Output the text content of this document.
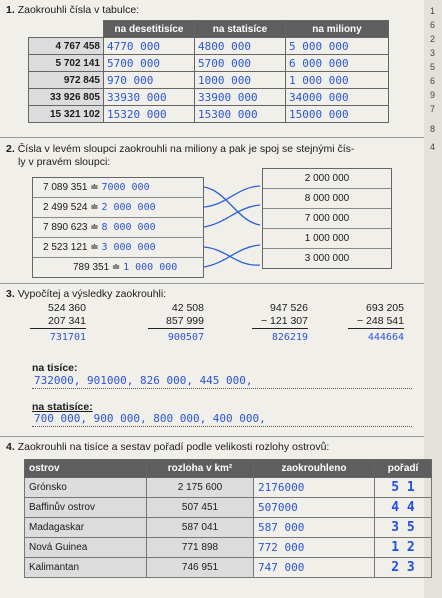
1
6
2
3
5
6
9
7
8
4
1. Zaokrouhli čísla v tabulce:
	na desetitisíce	na statisíce	na miliony
4 767 458	4770 000	4800 000	5 000 000
5 702 141	5700 000	5700 000	6 000 000
972 845	970 000	1000 000	1 000 000
33 926 805	33930 000	33900 000	34000 000
15 321 102	15320 000	15300 000	15000 000
2. Čísla v levém sloupci zaokrouhli na miliony a pak je spoj se stejnými čís-
ly v pravém sloupci:
7 089 351 ≐ 7000 000
2 499 524 ≐ 2 000 000
7 890 623 ≐ 8 000 000
2 523 121 ≐ 3 000 000
789 351 ≐ 1 000 000
2 000 000
8 000 000
7 000 000
1 000 000
3 000 000
3. Vypočítej a výsledky zaokrouhli:
524 360
207 341
731701
42 508
857 999
900507
947 526
− 121 307
826219
693 205
− 248 541
444664
na tisíce:
732000, 901000, 826 000, 445 000,
na statisíce:
700 000, 900 000, 800 000, 400 000,
4. Zaokrouhli na tisíce a sestav pořadí podle velikosti rozlohy ostrovů:
ostrov	rozloha v km²	zaokrouhleno	pořadí
Grónsko	2 175 600	2176000	5 1
Baffinův ostrov	507 451	507000	4 4
Madagaskar	587 041	587 000	3 5
Nová Guinea	771 898	772 000	1 2
Kalimantan	746 951	747 000	2 3
